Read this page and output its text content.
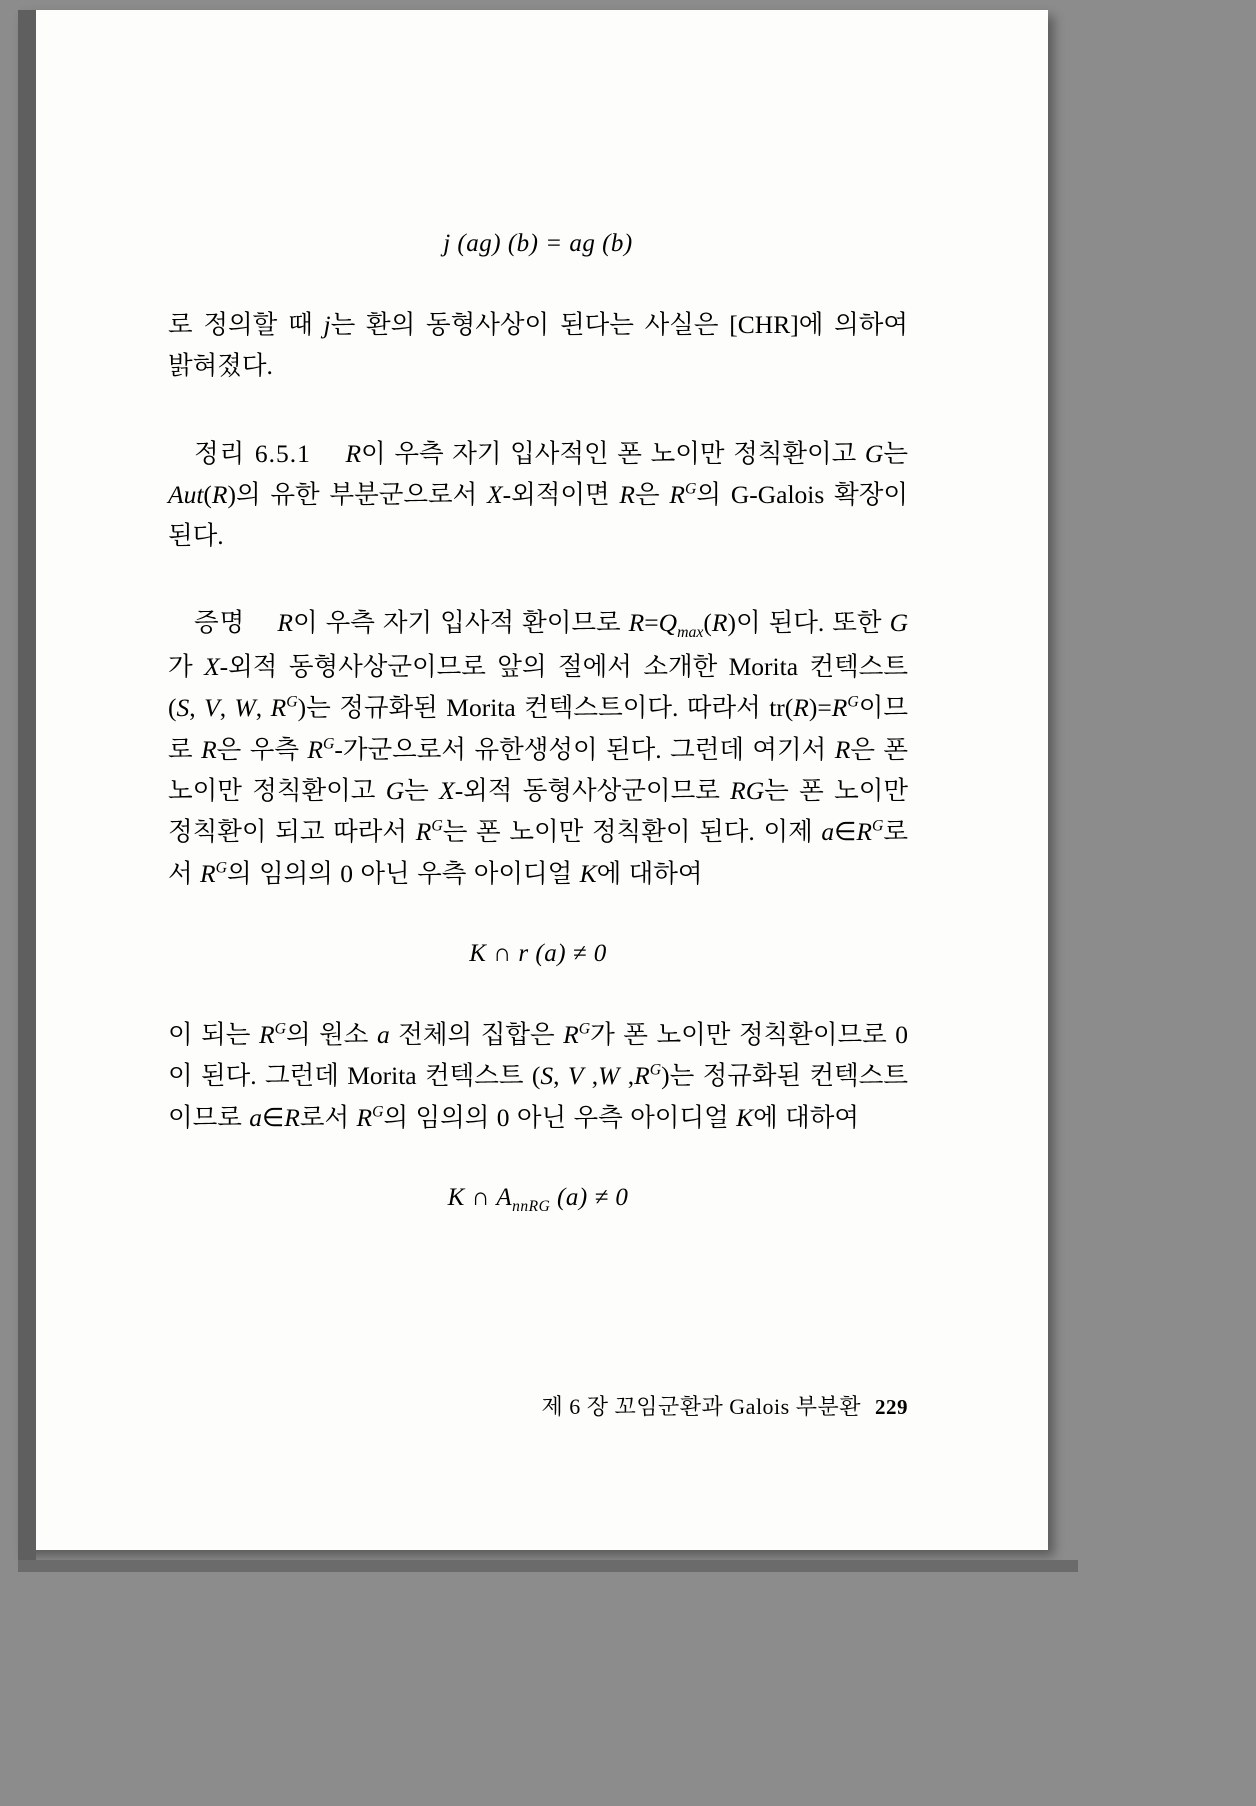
j (ag) (b) = ag (b)

로 정의할 때 j는 환의 동형사상이 된다는 사실은 [CHR]에 의하여 밝혀졌다.

정리 6.5.1 R이 우측 자기 입사적인 폰 노이만 정칙환이고 G는 Aut(R)의 유한 부분군으로서 X-외적이면 R은 $R^G$의 G-Galois 확장이 된다.

증명 R이 우측 자기 입사적 환이므로 $R=Q_{max}(R)$이 된다. 또한 G가 X-외적 동형사상군이므로 앞의 절에서 소개한 Morita 컨텍스트 (S, V, W, $R^G$)는 정규화된 Morita 컨텍스트이다. 따라서 $tr(R)=R^G$이므로 R은 우측 $R^G-$가군으로서 유한생성이 된다. 그런데 여기서 R은 폰 노이만 정칙환이고 G는 X-외적 동형사상군이므로 RG는 폰 노이만 정칙환이 되고 따라서 $R^G$는 폰 노이만 정칙환이 된다. 이제 $a\in R^G$로서 $R^G$의 임의의 0 아닌 우측 아이디얼 K에 대하여

K ∩ r (a) ≠ 0

이 되는 $R^G$의 원소 a 전체의 집합은 $R^G$가 폰 노이만 정칙환이므로 0이 된다. 그런데 Morita 컨텍스트 (S, V ,W $,R^G$)는 정규화된 컨텍스트이므로 a∈R로서 $R^G$의 임의의 0 아닌 우측 아이디얼 K에 대하여

K ∩ $A_{nnRG}$ (a) ≠ 0
제 6 장 꼬임군환과 Galois 부분환 229
